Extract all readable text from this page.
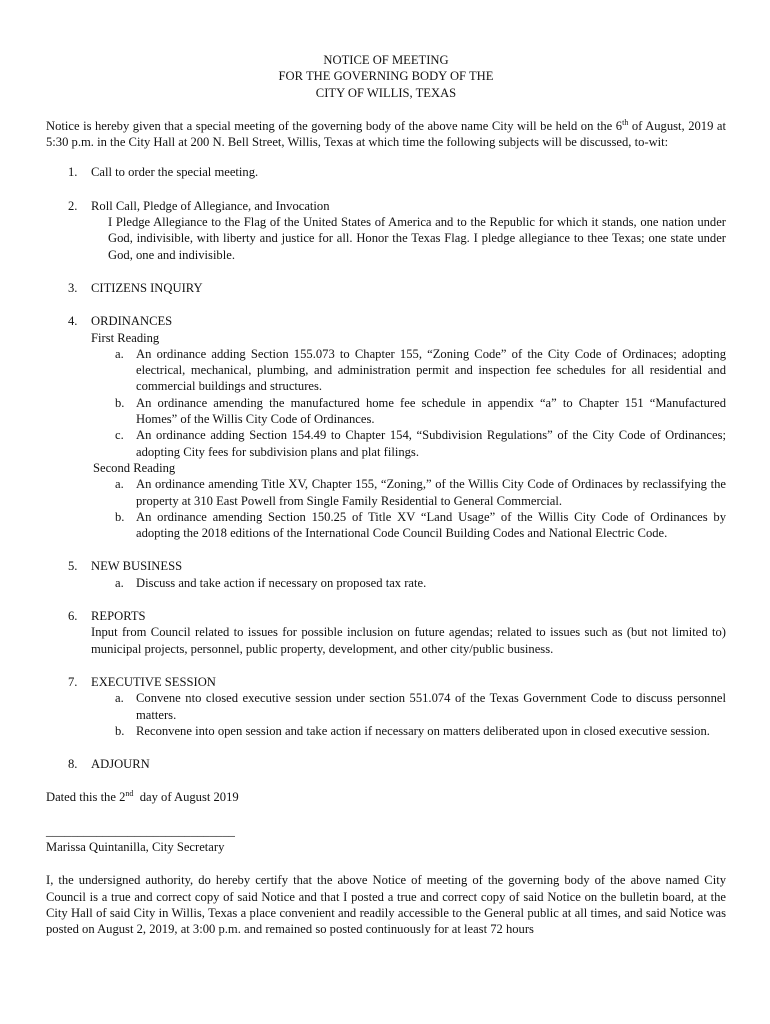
NOTICE OF MEETING
FOR THE GOVERNING BODY OF THE
CITY OF WILLIS, TEXAS
Notice is hereby given that a special meeting of the governing body of the above name City will be held on the 6th of August, 2019 at 5:30 p.m. in the City Hall at 200 N. Bell Street, Willis, Texas at which time the following subjects will be discussed, to-wit:
1. Call to order the special meeting.
2. Roll Call, Pledge of Allegiance, and Invocation
I Pledge Allegiance to the Flag of the United States of America and to the Republic for which it stands, one nation under God, indivisible, with liberty and justice for all. Honor the Texas Flag. I pledge allegiance to thee Texas; one state under God, one and indivisible.
3. CITIZENS INQUIRY
4. ORDINANCES
First Reading
a. An ordinance adding Section 155.073 to Chapter 155, “Zoning Code” of the City Code of Ordinaces; adopting electrical, mechanical, plumbing, and administration permit and inspection fee schedules for all residential and commercial buildings and structures.
b. An ordinance amending the manufactured home fee schedule in appendix “a” to Chapter 151 “Manufactured Homes” of the Willis City Code of Ordinances.
c. An ordinance adding Section 154.49 to Chapter 154, “Subdivision Regulations” of the City Code of Ordinances; adopting City fees for subdivision plans and plat filings.
Second Reading
a. An ordinance amending Title XV, Chapter 155, “Zoning,” of the Willis City Code of Ordinaces by reclassifying the property at 310 East Powell from Single Family Residential to General Commercial.
b. An ordinance amending Section 150.25 of Title XV “Land Usage” of the Willis City Code of Ordinances by adopting the 2018 editions of the International Code Council Building Codes and National Electric Code.
5. NEW BUSINESS
a. Discuss and take action if necessary on proposed tax rate.
6. REPORTS
Input from Council related to issues for possible inclusion on future agendas; related to issues such as (but not limited to) municipal projects, personnel, public property, development, and other city/public business.
7. EXECUTIVE SESSION
a. Convene nto closed executive session under section 551.074 of the Texas Government Code to discuss personnel matters.
b. Reconvene into open session and take action if necessary on matters deliberated upon in closed executive session.
8. ADJOURN
Dated this the 2nd  day of August 2019
______________________________
Marissa Quintanilla, City Secretary
I, the undersigned authority, do hereby certify that the above Notice of meeting of the governing body of the above named City Council is a true and correct copy of said Notice and that I posted a true and correct copy of said Notice on the bulletin board, at the City Hall of said City in Willis, Texas a place convenient and readily accessible to the General public at all times, and said Notice was posted on August 2, 2019, at 3:00 p.m. and remained so posted continuously for at least 72 hours
